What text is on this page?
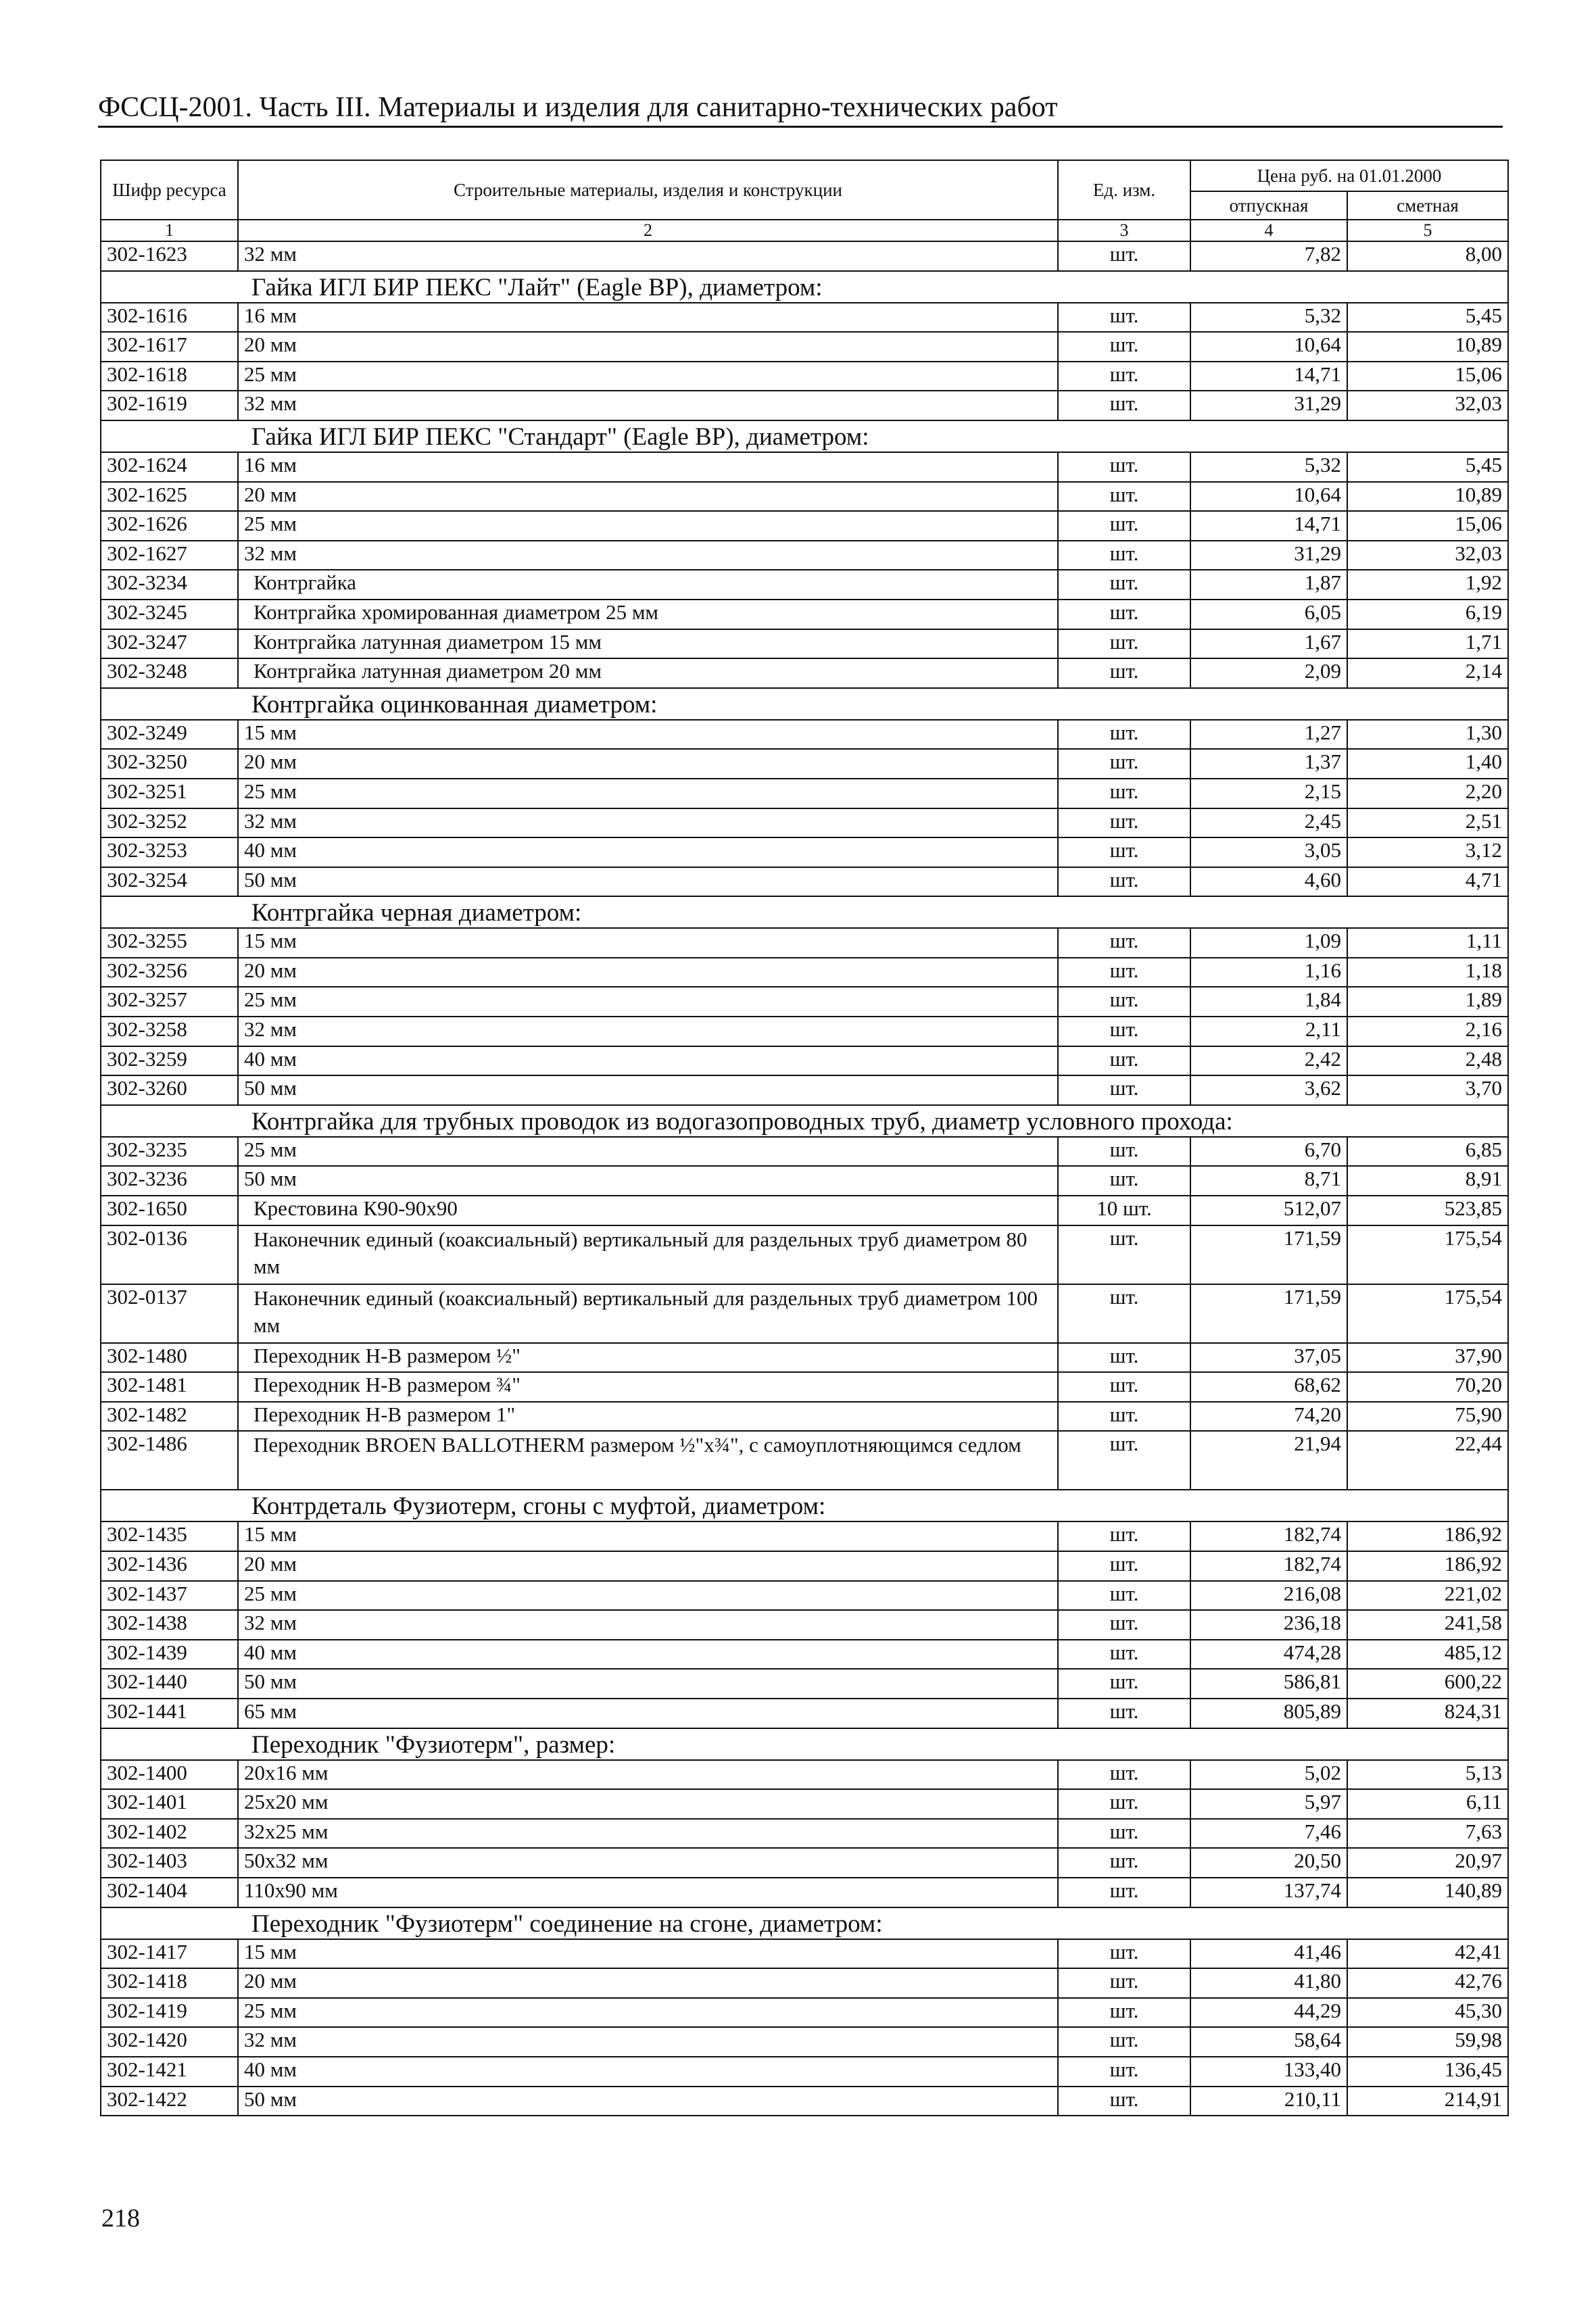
ФССЦ-2001. Часть III. Материалы и изделия для санитарно-технических работ
Шифр ресурса	Строительные материалы, изделия и конструкции	Ед. изм.	Цена руб. на 01.01.2000	
			отпускная	сметная
1	2	3	4	5
302-1623	32 мм	шт.	7,82	8,00
Гайка ИГЛ БИР ПЕКС "Лайт" (Eagle BP), диаметром:				
302-1616	16 мм	шт.	5,32	5,45
302-1617	20 мм	шт.	10,64	10,89
302-1618	25 мм	шт.	14,71	15,06
302-1619	32 мм	шт.	31,29	32,03
Гайка ИГЛ БИР ПЕКС "Стандарт" (Eagle BP), диаметром:				
302-1624	16 мм	шт.	5,32	5,45
302-1625	20 мм	шт.	10,64	10,89
302-1626	25 мм	шт.	14,71	15,06
302-1627	32 мм	шт.	31,29	32,03
302-3234	Контргайка	шт.	1,87	1,92
302-3245	Контргайка хромированная диаметром 25 мм	шт.	6,05	6,19
302-3247	Контргайка латунная диаметром 15 мм	шт.	1,67	1,71
302-3248	Контргайка латунная диаметром 20 мм	шт.	2,09	2,14
Контргайка оцинкованная диаметром:				
302-3249	15 мм	шт.	1,27	1,30
302-3250	20 мм	шт.	1,37	1,40
302-3251	25 мм	шт.	2,15	2,20
302-3252	32 мм	шт.	2,45	2,51
302-3253	40 мм	шт.	3,05	3,12
302-3254	50 мм	шт.	4,60	4,71
Контргайка черная диаметром:				
302-3255	15 мм	шт.	1,09	1,11
302-3256	20 мм	шт.	1,16	1,18
302-3257	25 мм	шт.	1,84	1,89
302-3258	32 мм	шт.	2,11	2,16
302-3259	40 мм	шт.	2,42	2,48
302-3260	50 мм	шт.	3,62	3,70
Контргайка для трубных проводок из водогазопроводных труб, диаметр условного прохода:				
302-3235	25 мм	шт.	6,70	6,85
302-3236	50 мм	шт.	8,71	8,91
302-1650	Крестовина К90-90х90	10 шт.	512,07	523,85
302-0136	Наконечник единый (коаксиальный) вертикальный для раздельных труб диаметром 80 мм	шт.	171,59	175,54
302-0137	Наконечник единый (коаксиальный) вертикальный для раздельных труб диаметром 100 мм	шт.	171,59	175,54
302-1480	Переходник Н-В размером ½"	шт.	37,05	37,90
302-1481	Переходник Н-В размером ¾"	шт.	68,62	70,20
302-1482	Переходник Н-В размером 1"	шт.	74,20	75,90
302-1486	Переходник BROEN BALLOTHERM размером ½"х¾", с самоуплотняющимся седлом	шт.	21,94	22,44
Контрдеталь Фузиотерм, сгоны с муфтой, диаметром:				
302-1435	15 мм	шт.	182,74	186,92
302-1436	20 мм	шт.	182,74	186,92
302-1437	25 мм	шт.	216,08	221,02
302-1438	32 мм	шт.	236,18	241,58
302-1439	40 мм	шт.	474,28	485,12
302-1440	50 мм	шт.	586,81	600,22
302-1441	65 мм	шт.	805,89	824,31
Переходник "Фузиотерм", размер:				
302-1400	20х16 мм	шт.	5,02	5,13
302-1401	25х20 мм	шт.	5,97	6,11
302-1402	32х25 мм	шт.	7,46	7,63
302-1403	50х32 мм	шт.	20,50	20,97
302-1404	110х90 мм	шт.	137,74	140,89
Переходник "Фузиотерм" соединение на сгоне, диаметром:				
302-1417	15 мм	шт.	41,46	42,41
302-1418	20 мм	шт.	41,80	42,76
302-1419	25 мм	шт.	44,29	45,30
302-1420	32 мм	шт.	58,64	59,98
302-1421	40 мм	шт.	133,40	136,45
302-1422	50 мм	шт.	210,11	214,91
218
